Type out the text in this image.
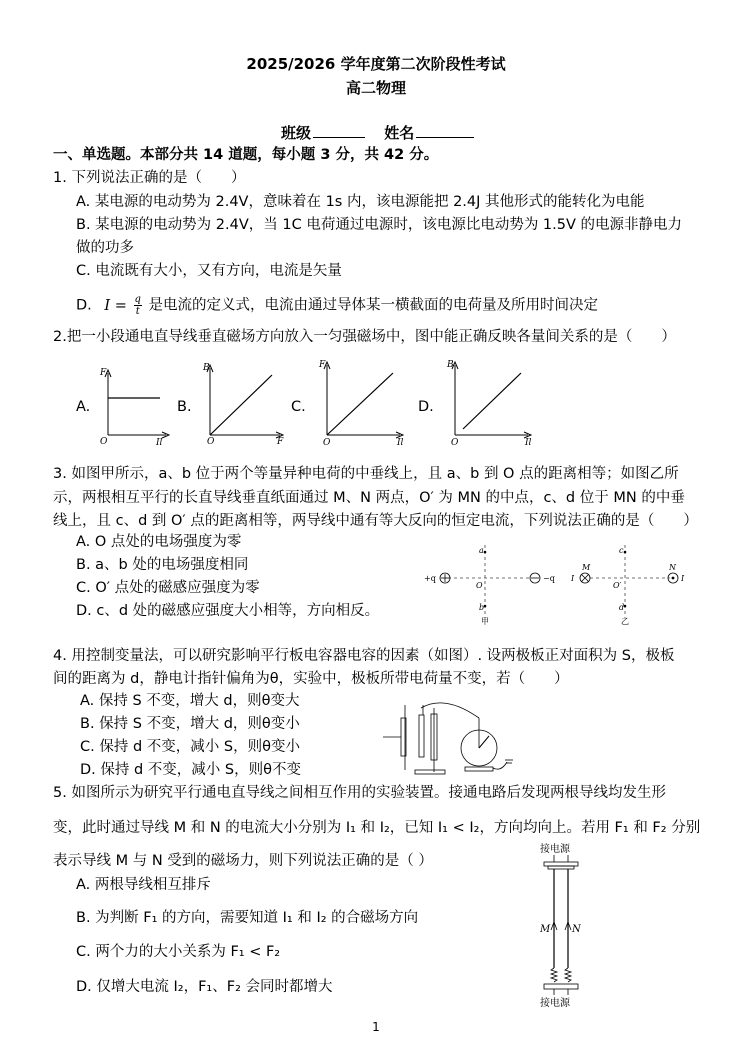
2025/2026 学年度第二次阶段性考试
高二物理
班级	姓名
一、单选题。本部分共 14 道题，每小题 3 分，共 42 分。
1. 下列说法正确的是（　　）
A. 某电源的电动势为 2.4V，意味着在 1s 内，该电源能把 2.4J 其他形式的能转化为电能
B. 某电源的电动势为 2.4V，当 1C 电荷通过电源时，该电源比电动势为 1.5V 的电源非静电力
做的功多
C. 电流既有大小，又有方向，电流是矢量
D. $I = \frac{q}{t}$ 是电流的定义式，电流由通过导体某一横截面的电荷量及所用时间决定
2.把一小段通电直导线垂直磁场方向放入一匀强磁场中，图中能正确反映各量间关系的是（　　）
A.
F
O	Il
B.
B
O	F
C.
F
O	Il
D.
B
O	Il
3. 如图甲所示，a、b 位于两个等量异种电荷的中垂线上，且 a、b 到 O 点的距离相等；如图乙所
示，两根相互平行的长直导线垂直纸面通过 M、N 两点，O′ 为 MN 的中点，c、d 位于 MN 的中垂
线上，且 c、d 到 O′ 点的距离相等，两导线中通有等大反向的恒定电流，下列说法正确的是（　　）
A. O 点处的电场强度为零
B. a、b 处的电场强度相同
C. O′ 点处的磁感应强度为零
D. c、d 处的磁感应强度大小相等，方向相反。
a
b
O
+q	−q
甲
c
d
O′
M	N
I	I
乙
4. 用控制变量法，可以研究影响平行板电容器电容的因素（如图）. 设两极板正对面积为 S，极板
间的距离为 d，静电计指针偏角为θ，实验中，极板所带电荷量不变，若（　　）
A. 保持 S 不变，增大 d，则θ变大
B. 保持 S 不变，增大 d，则θ变小
C. 保持 d 不变，减小 S，则θ变小
D. 保持 d 不变，减小 S，则θ不变
5. 如图所示为研究平行通电直导线之间相互作用的实验装置。接通电路后发现两根导线均发生形
变，此时通过导线 M 和 N 的电流大小分别为 I₁ 和 I₂，已知 I₁ < I₂，方向均向上。若用 F₁ 和 F₂ 分别
表示导线 M 与 N 受到的磁场力，则下列说法正确的是（ ）
A. 两根导线相互排斥
B. 为判断 F₁ 的方向，需要知道 I₁ 和 I₂ 的合磁场方向
C. 两个力的大小关系为 F₁ < F₂
D. 仅增大电流 I₂，F₁、F₂ 会同时都增大
接电源
M N
接电源
1
